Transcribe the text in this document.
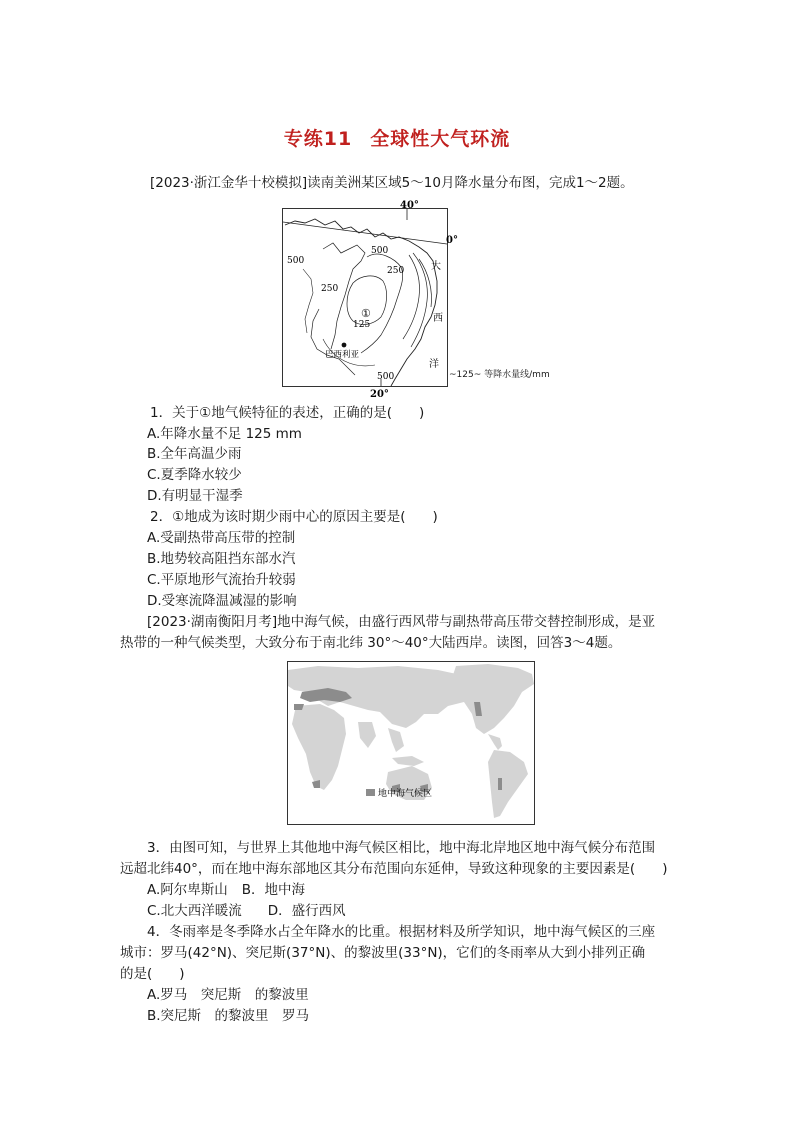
专练11 全球性大气环流
[2023·浙江金华十校模拟]读南美洲某区域5～10月降水量分布图，完成1～2题。
500
500
250
250
125
500
①
巴西利亚
大
西
洋
40°
0°
20°
~125~ 等降水量线/mm
1．关于①地气候特征的表述，正确的是(　　)
A.年降水量不足 125 mm
B.全年高温少雨
C.夏季降水较少
D.有明显干湿季
2．①地成为该时期少雨中心的原因主要是(　　)
A.受副热带高压带的控制
B.地势较高阻挡东部水汽
C.平原地形气流抬升较弱
D.受寒流降温减湿的影响
[2023·湖南衡阳月考]地中海气候，由盛行西风带与副热带高压带交替控制形成，是亚
热带的一种气候类型，大致分布于南北纬 30°～40°大陆西岸。读图，回答3～4题。
地中海气候区
3．由图可知，与世界上其他地中海气候区相比，地中海北岸地区地中海气候分布范围
远超北纬40°，而在地中海东部地区其分布范围向东延伸，导致这种现象的主要因素是(　　)
A.阿尔卑斯山 B．地中海
C.北大西洋暖流 D．盛行西风
4．冬雨率是冬季降水占全年降水的比重。根据材料及所学知识，地中海气候区的三座
城市：罗马(42°N)、突尼斯(37°N)、的黎波里(33°N)，它们的冬雨率从大到小排列正确
的是(　　)
A.罗马　突尼斯　的黎波里
B.突尼斯　的黎波里　罗马
